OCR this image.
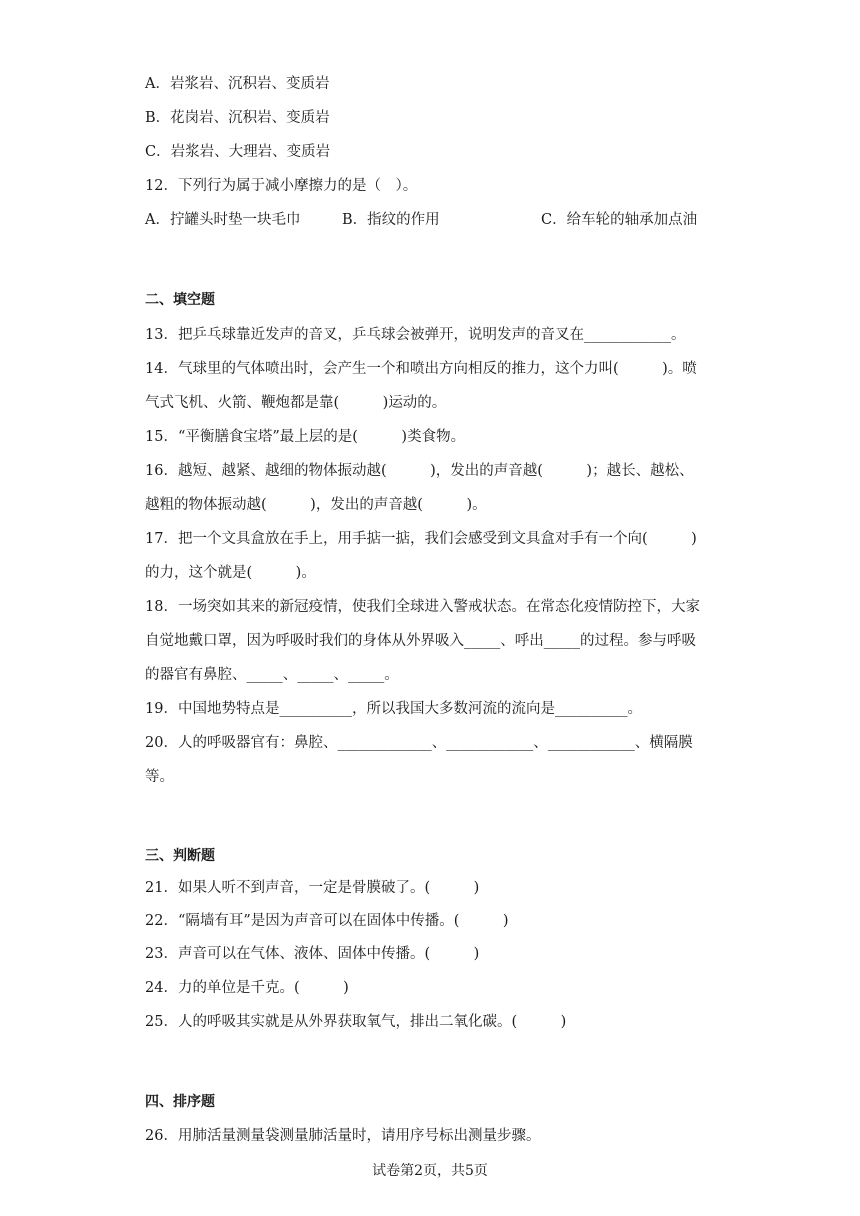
A．岩浆岩、沉积岩、变质岩
B．花岗岩、沉积岩、变质岩
C．岩浆岩、大理岩、变质岩
12．下列行为属于减小摩擦力的是（　）。
A．拧罐头时垫一块毛巾	B．指纹的作用	C．给车轮的轴承加点油
二、填空题
13．把乒乓球靠近发声的音叉，乒乓球会被弹开，说明发声的音叉在____________。
14．气球里的气体喷出时，会产生一个和喷出方向相反的推力，这个力叫(　　　)。喷
气式飞机、火箭、鞭炮都是靠(　　　)运动的。
15．“平衡膳食宝塔”最上层的是(　　　)类食物。
16．越短、越紧、越细的物体振动越(　　　)，发出的声音越(　　　)；越长、越松、
越粗的物体振动越(　　　)，发出的声音越(　　　)。
17．把一个文具盒放在手上，用手掂一掂，我们会感受到文具盒对手有一个向(　　　)
的力，这个就是(　　　)。
18．一场突如其来的新冠疫情，使我们全球进入警戒状态。在常态化疫情防控下，大家
自觉地戴口罩，因为呼吸时我们的身体从外界吸入_____、呼出_____的过程。参与呼吸
的器官有鼻腔、_____、_____、_____。
19．中国地势特点是__________，所以我国大多数河流的流向是__________。
20．人的呼吸器官有：鼻腔、_____________、____________、____________、横隔膜
等。
三、判断题
21．如果人听不到声音，一定是骨膜破了。(　　　)
22．“隔墙有耳”是因为声音可以在固体中传播。(　　　)
23．声音可以在气体、液体、固体中传播。(　　　)
24．力的单位是千克。(　　　)
25．人的呼吸其实就是从外界获取氧气，排出二氧化碳。(　　　)
四、排序题
26．用肺活量测量袋测量肺活量时，请用序号标出测量步骤。
试卷第2页，共5页
